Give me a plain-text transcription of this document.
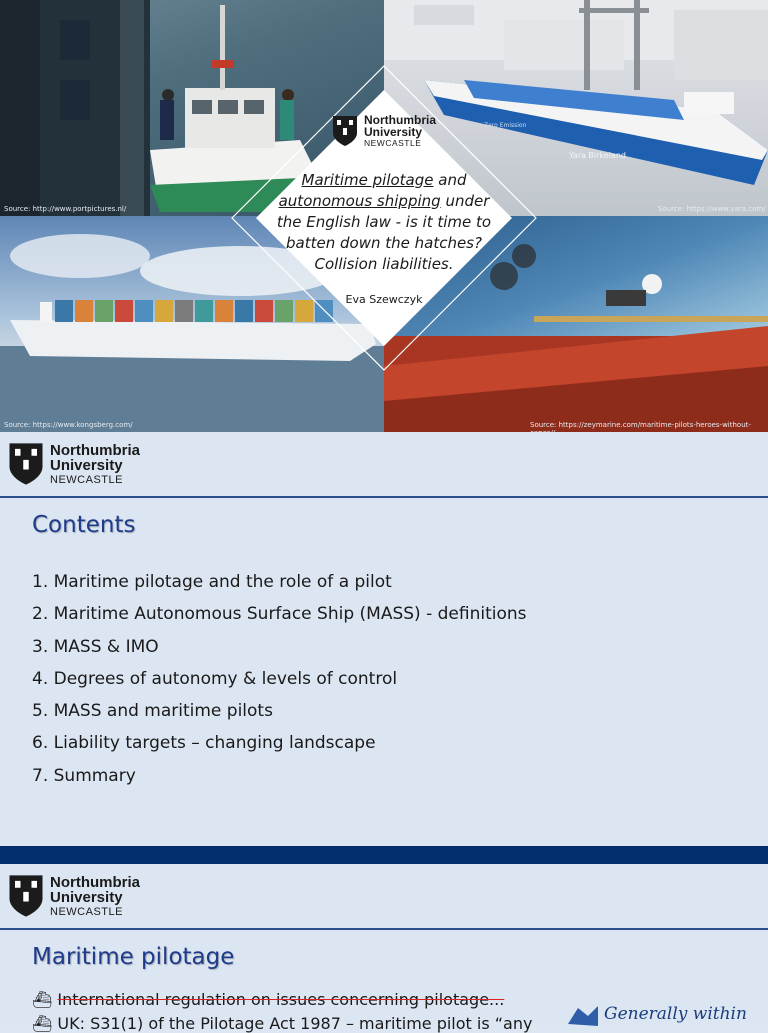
Source: http://www.portpictures.nl/
Yara Birkeland
Zero Emission
Source: https://www.yara.com/
Source: https://www.kongsberg.com/	Source: https://zeymarine.com/maritime-pilots-heroes-without-
Northumbria
University
NEWCASTLE
Maritime pilotage and
autonomous shipping under the English law - is it time to batten down the hatches? Collision liabilities.
Eva Szewczyk
Northumbria
University
NEWCASTLE
Contents
1. Maritime pilotage and the role of a pilot
2. Maritime Autonomous Surface Ship (MASS) - definitions
3. MASS & IMO
4. Degrees of autonomy & levels of control
5. MASS and maritime pilots
6. Liability targets – changing landscape
7. Summary
Northumbria
University
NEWCASTLE
Maritime pilotage
⛴ International regulation on issues concerning pilotage...
⛴ UK: S31(1) of the Pilotage Act 1987 – maritime pilot is “any	Generally within
